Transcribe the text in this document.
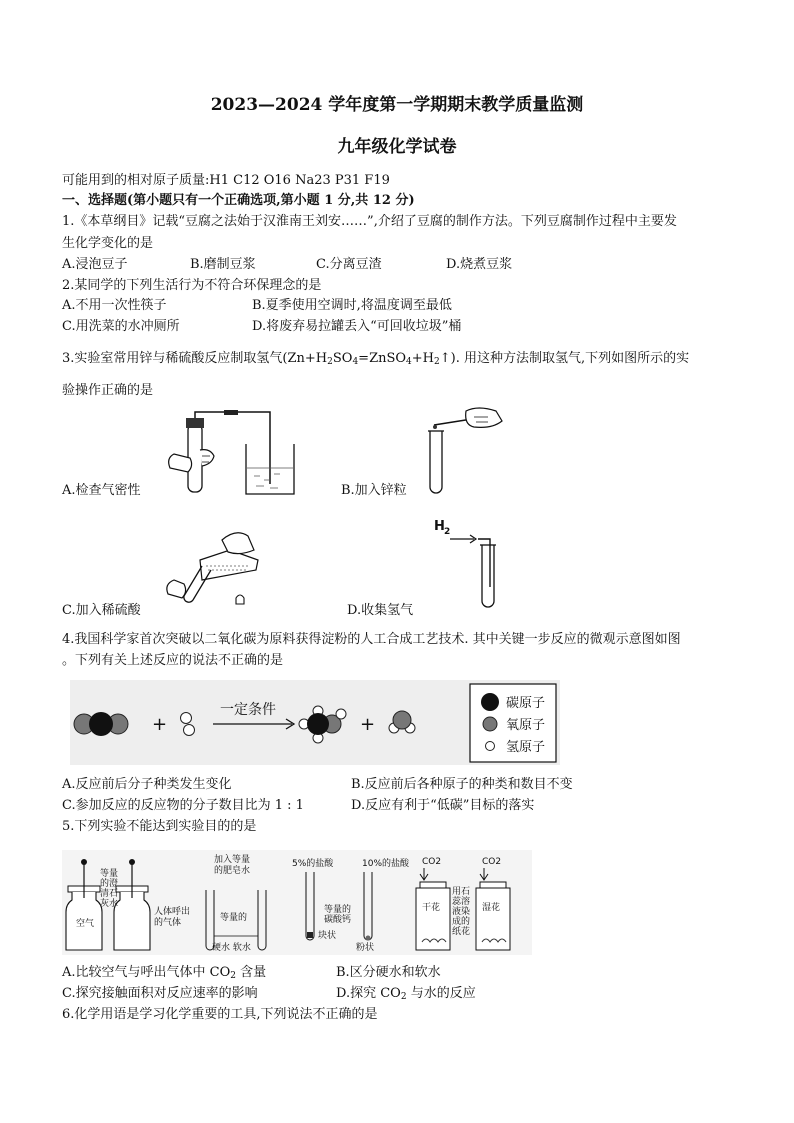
2023—2024 学年度第一学期期末教学质量监测
九年级化学试卷
可能用到的相对原子质量:H1 C12 O16 Na23 P31 F19
一、选择题(第小题只有一个正确选项,第小题 1 分,共 12 分)
1.《本草纲目》记载“豆腐之法始于汉淮南王刘安……”,介绍了豆腐的制作方法。下列豆腐制作过程中主要发
生化学变化的是
A.浸泡豆子	B.磨制豆浆	C.分离豆渣	D.烧煮豆浆
2.某同学的下列生活行为不符合环保理念的是
A.不用一次性筷子	B.夏季使用空调时,将温度调至最低
C.用洗菜的水冲厕所	D.将废弃易拉罐丢入“可回收垃圾”桶
3.实验室常用锌与稀硫酸反应制取氢气$(Zn+H_2SO_4=ZnSO_4+H_2↑)$. 用这种方法制取氢气,下列如图所示的实
验操作正确的是
A.检查气密性	B.加入锌粒
C.加入稀硫酸
H 2
D.收集氢气
4.我国科学家首次突破以二氧化碳为原料获得淀粉的人工合成工艺技术. 其中关键一步反应的微观示意图如图
。下列有关上述反应的说法不正确的是
+
一定条件
+
碳原子
氧原子
氢原子
A.反应前后分子种类发生变化	B.反应前后各种原子的种类和数目不变
C.参加反应的反应物的分子数目比为 1 : 1	D.反应有利于“低碳”目标的落实
5.下列实验不能达到实验目的的是
空气
等量
的澄
清石
灰水
人体呼出
的气体
加入等量
的肥皂水
等量的
硬水 软水
5%的盐酸	10%的盐酸
等量的
碳酸钙
块状
粉状
CO2	CO2
干花	湿花
用石
蕊溶
液染
成的
纸花
A.比较空气与呼出气体中 $CO_2$ 含量	B.区分硬水和软水
C.探究接触面积对反应速率的影响	D.探究 $CO_2$ 与水的反应
6.化学用语是学习化学重要的工具,下列说法不正确的是
